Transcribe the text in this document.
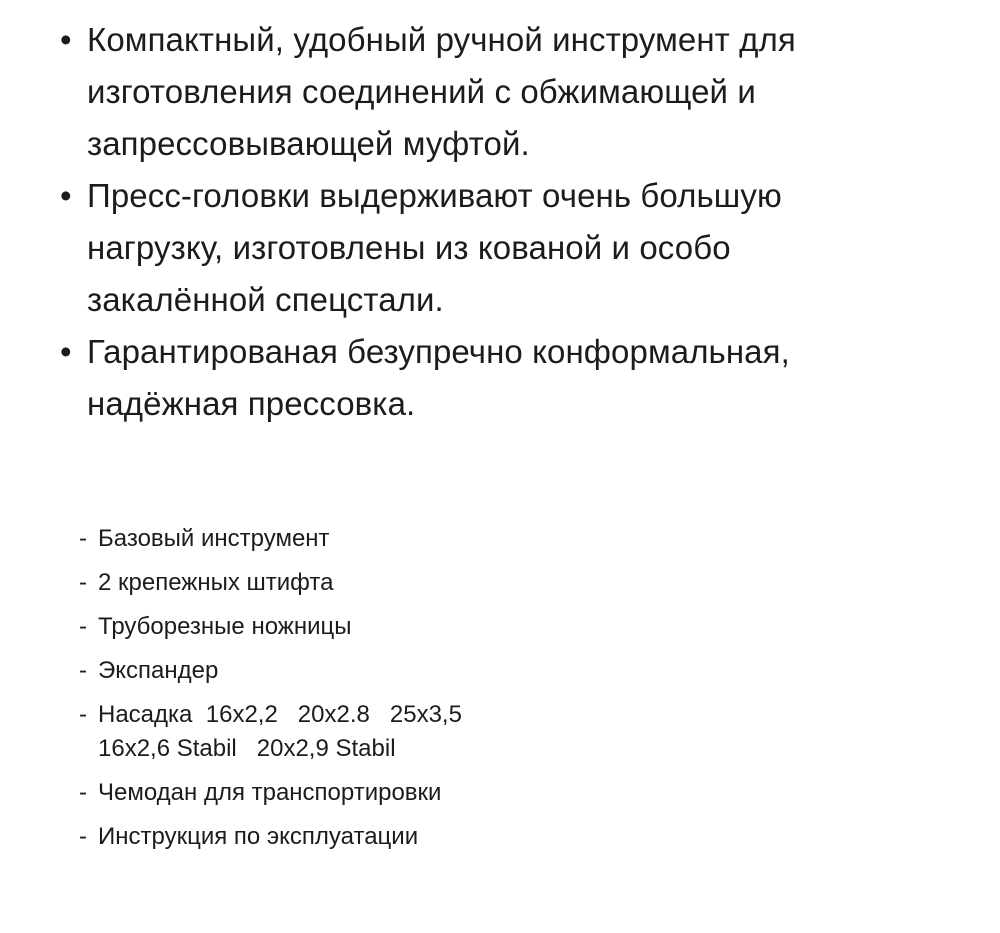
• Компактный, удобный ручной инструмент для
изготовления соединений с обжимающей и
запрессовывающей муфтой.
• Пресс-головки выдерживают очень большую
нагрузку, изготовлены из кованой и особо
закалённой спецстали.
• Гарантированая безупречно конформальная,
надёжная прессовка.
- Базовый инструмент
- 2 крепежных штифта
- Труборезные ножницы
- Экспандер
- Насадка  16х2,2   20х2.8   25х3,5
16х2,6 Stabil   20х2,9 Stabil
- Чемодан для транспортировки
- Инструкция по эксплуатации
